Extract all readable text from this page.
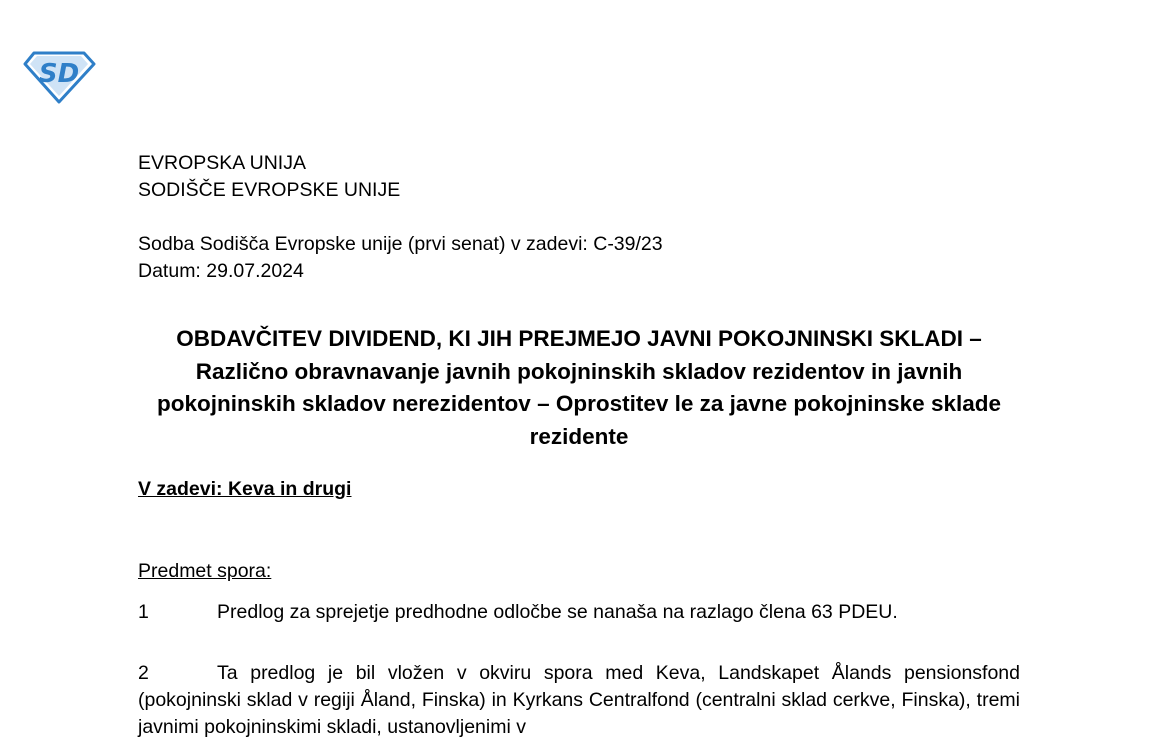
SD
EVROPSKA UNIJA
SODIŠČE EVROPSKE UNIJE
Sodba Sodišča Evropske unije (prvi senat) v zadevi: C-39/23
Datum: 29.07.2024
OBDAVČITEV DIVIDEND, KI JIH PREJMEJO JAVNI POKOJNINSKI SKLADI – Različno obravnavanje javnih pokojninskih skladov rezidentov in javnih pokojninskih skladov nerezidentov – Oprostitev le za javne pokojninske sklade rezidente
V zadevi: Keva in drugi
Predmet spora:
1	Predlog za sprejetje predhodne odločbe se nanaša na razlago člena 63 PDEU.
2	Ta predlog je bil vložen v okviru spora med Keva, Landskapet Ålands pensionsfond (pokojninski sklad v regiji Åland, Finska) in Kyrkans Centralfond (centralni sklad cerkve, Finska), tremi javnimi pokojninskimi skladi, ustanovljenimi v
